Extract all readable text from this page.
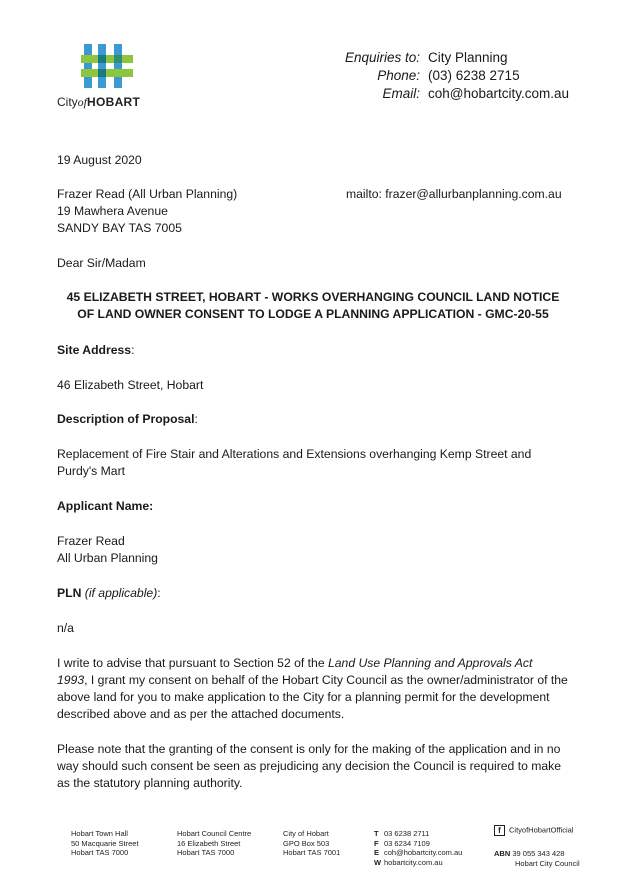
CityofHOBART
Enquiries to:
Phone:
Email:
City Planning
(03) 6238 2715
coh@hobartcity.com.au
19 August 2020
Frazer Read (All Urban Planning)
19 Mawhera Avenue
SANDY BAY TAS 7005
mailto: frazer@allurbanplanning.com.au
Dear Sir/Madam
45 ELIZABETH STREET, HOBART - WORKS OVERHANGING COUNCIL LAND NOTICE
OF LAND OWNER CONSENT TO LODGE A PLANNING APPLICATION - GMC-20-55
Site Address:
46 Elizabeth Street, Hobart
Description of Proposal:
Replacement of Fire Stair and Alterations and Extensions overhanging Kemp Street and
Purdy's Mart
Applicant Name:
Frazer Read
All Urban Planning
PLN (if applicable):
n/a
I write to advise that pursuant to Section 52 of the Land Use Planning and Approvals Act
1993, I grant my consent on behalf of the Hobart City Council as the owner/administrator of the
above land for you to make application to the City for a planning permit for the development
described above and as per the attached documents.
Please note that the granting of the consent is only for the making of the application and in no
way should such consent be seen as prejudicing any decision the Council is required to make
as the statutory planning authority.
Hobart Town Hall
50 Macquarie Street
Hobart TAS 7000
Hobart Council Centre
16 Elizabeth Street
Hobart TAS 7000
City of Hobart
GPO Box 503
Hobart TAS 7001
T 03 6238 2711
F 03 6234 7109
E coh@hobartcity.com.au
W hobartcity.com.au
f CityofHobartOfficial
ABN 39 055 343 428
Hobart City Council
